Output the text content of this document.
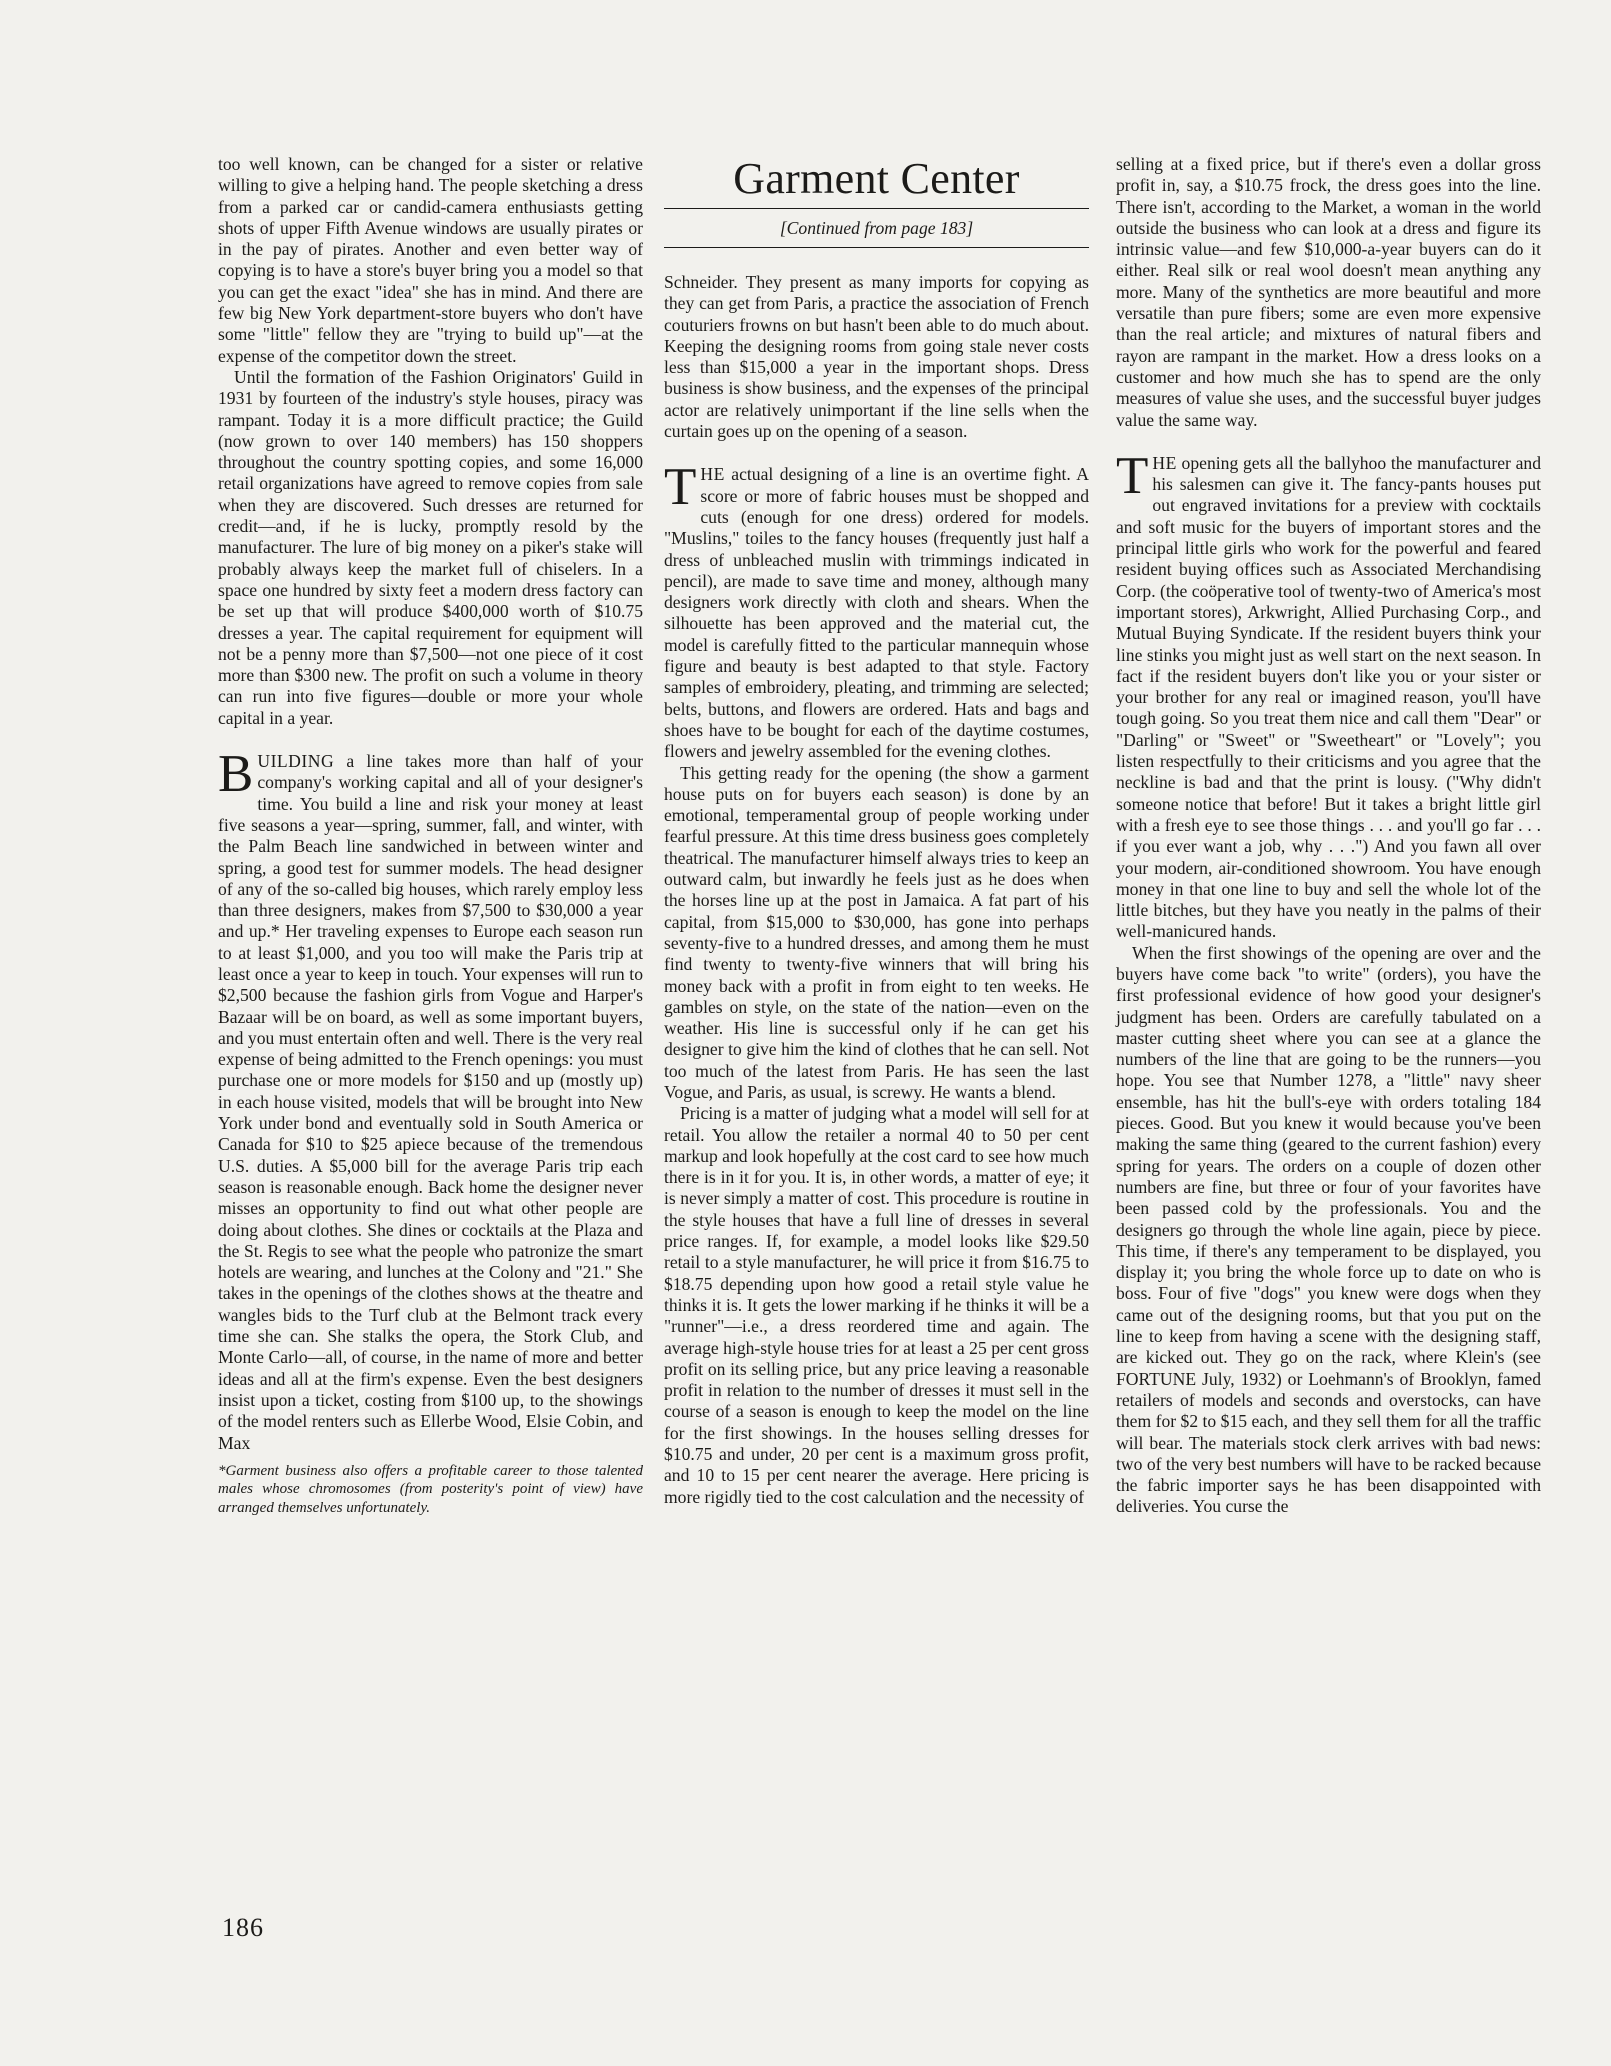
too well known, can be changed for a sister or relative willing to give a helping hand. The people sketching a dress from a parked car or candid-camera enthusiasts getting shots of upper Fifth Avenue windows are usually pirates or in the pay of pirates. Another and even better way of copying is to have a store's buyer bring you a model so that you can get the exact "idea" she has in mind. And there are few big New York department-store buyers who don't have some "little" fellow they are "trying to build up"—at the expense of the competitor down the street.

Until the formation of the Fashion Originators' Guild in 1931 by fourteen of the industry's style houses, piracy was rampant. Today it is a more difficult practice; the Guild (now grown to over 140 members) has 150 shoppers throughout the country spotting copies, and some 16,000 retail organizations have agreed to remove copies from sale when they are discovered. Such dresses are returned for credit—and, if he is lucky, promptly resold by the manufacturer. The lure of big money on a piker's stake will probably always keep the market full of chiselers. In a space one hundred by sixty feet a modern dress factory can be set up that will produce $400,000 worth of $10.75 dresses a year. The capital requirement for equipment will not be a penny more than $7,500—not one piece of it cost more than $300 new. The profit on such a volume in theory can run into five figures—double or more your whole capital in a year.

BUILDING a line takes more than half of your company's working capital and all of your designer's time. You build a line and risk your money at least five seasons a year—spring, summer, fall, and winter, with the Palm Beach line sandwiched in between winter and spring, a good test for summer models. The head designer of any of the so-called big houses, which rarely employ less than three designers, makes from $7,500 to $30,000 a year and up.* Her traveling expenses to Europe each season run to at least $1,000, and you too will make the Paris trip at least once a year to keep in touch. Your expenses will run to $2,500 because the fashion girls from Vogue and Harper's Bazaar will be on board, as well as some important buyers, and you must entertain often and well. There is the very real expense of being admitted to the French openings: you must purchase one or more models for $150 and up (mostly up) in each house visited, models that will be brought into New York under bond and eventually sold in South America or Canada for $10 to $25 apiece because of the tremendous U.S. duties. A $5,000 bill for the average Paris trip each season is reasonable enough. Back home the designer never misses an opportunity to find out what other people are doing about clothes. She dines or cocktails at the Plaza and the St. Regis to see what the people who patronize the smart hotels are wearing, and lunches at the Colony and "21." She takes in the openings of the clothes shows at the theatre and wangles bids to the Turf club at the Belmont track every time she can. She stalks the opera, the Stork Club, and Monte Carlo—all, of course, in the name of more and better ideas and all at the firm's expense. Even the best designers insist upon a ticket, costing from $100 up, to the showings of the model renters such as Ellerbe Wood, Elsie Cobin, and Max

*Garment business also offers a profitable career to those talented males whose chromosomes (from posterity's point of view) have arranged themselves unfortunately.
Garment Center
[Continued from page 183]

Schneider. They present as many imports for copying as they can get from Paris, a practice the association of French couturiers frowns on but hasn't been able to do much about. Keeping the designing rooms from going stale never costs less than $15,000 a year in the important shops. Dress business is show business, and the expenses of the principal actor are relatively unimportant if the line sells when the curtain goes up on the opening of a season.

THE actual designing of a line is an overtime fight. A score or more of fabric houses must be shopped and cuts (enough for one dress) ordered for models. "Muslins," toiles to the fancy houses (frequently just half a dress of unbleached muslin with trimmings indicated in pencil), are made to save time and money, although many designers work directly with cloth and shears. When the silhouette has been approved and the material cut, the model is carefully fitted to the particular mannequin whose figure and beauty is best adapted to that style. Factory samples of embroidery, pleating, and trimming are selected; belts, buttons, and flowers are ordered. Hats and bags and shoes have to be bought for each of the daytime costumes, flowers and jewelry assembled for the evening clothes.

This getting ready for the opening (the show a garment house puts on for buyers each season) is done by an emotional, temperamental group of people working under fearful pressure. At this time dress business goes completely theatrical. The manufacturer himself always tries to keep an outward calm, but inwardly he feels just as he does when the horses line up at the post in Jamaica. A fat part of his capital, from $15,000 to $30,000, has gone into perhaps seventy-five to a hundred dresses, and among them he must find twenty to twenty-five winners that will bring his money back with a profit in from eight to ten weeks. He gambles on style, on the state of the nation—even on the weather. His line is successful only if he can get his designer to give him the kind of clothes that he can sell. Not too much of the latest from Paris. He has seen the last Vogue, and Paris, as usual, is screwy. He wants a blend.

Pricing is a matter of judging what a model will sell for at retail. You allow the retailer a normal 40 to 50 per cent markup and look hopefully at the cost card to see how much there is in it for you. It is, in other words, a matter of eye; it is never simply a matter of cost. This procedure is routine in the style houses that have a full line of dresses in several price ranges. If, for example, a model looks like $29.50 retail to a style manufacturer, he will price it from $16.75 to $18.75 depending upon how good a retail style value he thinks it is. It gets the lower marking if he thinks it will be a "runner"—i.e., a dress reordered time and again. The average high-style house tries for at least a 25 per cent gross profit on its selling price, but any price leaving a reasonable profit in relation to the number of dresses it must sell in the course of a season is enough to keep the model on the line for the first showings. In the houses selling dresses for $10.75 and under, 20 per cent is a maximum gross profit, and 10 to 15 per cent nearer the average. Here pricing is more rigidly tied to the cost calculation and the necessity of

selling at a fixed price, but if there's even a dollar gross profit in, say, a $10.75 frock, the dress goes into the line. There isn't, according to the Market, a woman in the world outside the business who can look at a dress and figure its intrinsic value—and few $10,000-a-year buyers can do it either. Real silk or real wool doesn't mean anything any more. Many of the synthetics are more beautiful and more versatile than pure fibers; some are even more expensive than the real article; and mixtures of natural fibers and rayon are rampant in the market. How a dress looks on a customer and how much she has to spend are the only measures of value she uses, and the successful buyer judges value the same way.

THE opening gets all the ballyhoo the manufacturer and his salesmen can give it. The fancy-pants houses put out engraved invitations for a preview with cocktails and soft music for the buyers of important stores and the principal little girls who work for the powerful and feared resident buying offices such as Associated Merchandising Corp. (the coöperative tool of twenty-two of America's most important stores), Arkwright, Allied Purchasing Corp., and Mutual Buying Syndicate. If the resident buyers think your line stinks you might just as well start on the next season. In fact if the resident buyers don't like you or your sister or your brother for any real or imagined reason, you'll have tough going. So you treat them nice and call them "Dear" or "Darling" or "Sweet" or "Sweetheart" or "Lovely"; you listen respectfully to their criticisms and you agree that the neckline is bad and that the print is lousy. ("Why didn't someone notice that before! But it takes a bright little girl with a fresh eye to see those things . . . and you'll go far . . . if you ever want a job, why . . .") And you fawn all over your modern, air-conditioned showroom. You have enough money in that one line to buy and sell the whole lot of the little bitches, but they have you neatly in the palms of their well-manicured hands.

When the first showings of the opening are over and the buyers have come back "to write" (orders), you have the first professional evidence of how good your designer's judgment has been. Orders are carefully tabulated on a master cutting sheet where you can see at a glance the numbers of the line that are going to be the runners—you hope. You see that Number 1278, a "little" navy sheer ensemble, has hit the bull's-eye with orders totaling 184 pieces. Good. But you knew it would because you've been making the same thing (geared to the current fashion) every spring for years. The orders on a couple of dozen other numbers are fine, but three or four of your favorites have been passed cold by the professionals. You and the designers go through the whole line again, piece by piece. This time, if there's any temperament to be displayed, you display it; you bring the whole force up to date on who is boss. Four of five "dogs" you knew were dogs when they came out of the designing rooms, but that you put on the line to keep from having a scene with the designing staff, are kicked out. They go on the rack, where Klein's (see FORTUNE July, 1932) or Loehmann's of Brooklyn, famed retailers of models and seconds and overstocks, can have them for $2 to $15 each, and they sell them for all the traffic will bear. The materials stock clerk arrives with bad news: two of the very best numbers will have to be racked because the fabric importer says he has been disappointed with deliveries. You curse the

186
